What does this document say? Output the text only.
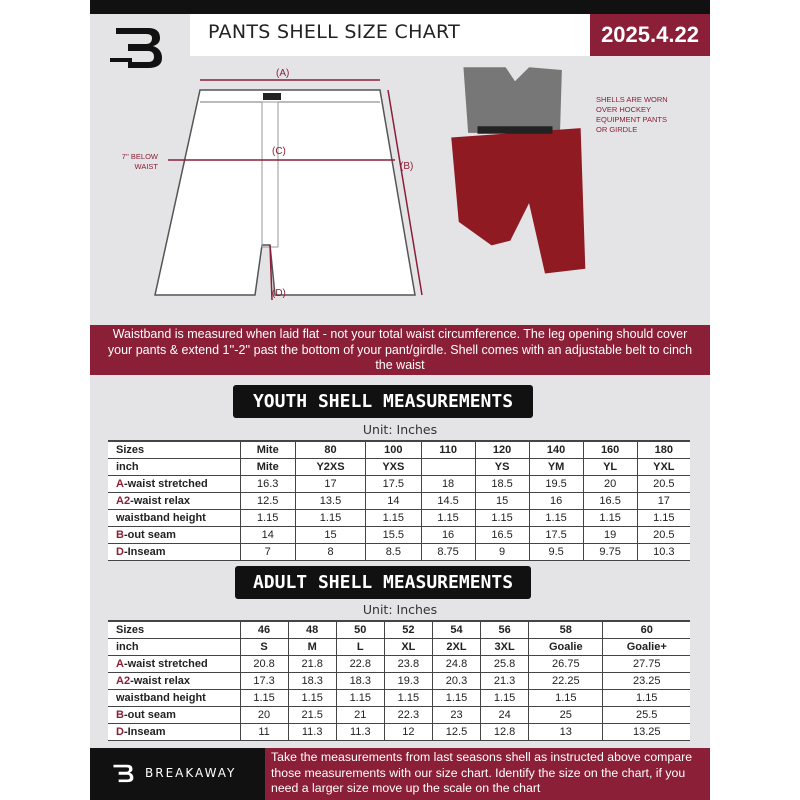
PANTS SHELL SIZE CHART	2025.4.22
(A)
(C)
(B)
(D)
7'' BELOW
WAIST
SHELLS ARE WORN
OVER HOCKEY
EQUIPMENT PANTS
OR GIRDLE
Waistband is measured when laid flat - not your total waist circumference. The leg opening should cover your pants & extend 1''-2'' past the bottom of your pant/girdle. Shell comes with an adjustable belt to cinch the waist
YOUTH SHELL MEASUREMENTS
Unit: Inches
Sizes	Mite	80	100	110	120	140	160	180
inch	Mite	Y2XS	YXS		YS	YM	YL	YXL
A-waist stretched	16.3	17	17.5	18	18.5	19.5	20	20.5
A2-waist relax	12.5	13.5	14	14.5	15	16	16.5	17
waistband height	1.15	1.15	1.15	1.15	1.15	1.15	1.15	1.15
B-out seam	14	15	15.5	16	16.5	17.5	19	20.5
D-Inseam	7	8	8.5	8.75	9	9.5	9.75	10.3
ADULT SHELL MEASUREMENTS
Unit: Inches
Sizes	46	48	50	52	54	56	58	60
inch	S	M	L	XL	2XL	3XL	Goalie	Goalie+
A-waist stretched	20.8	21.8	22.8	23.8	24.8	25.8	26.75	27.75
A2-waist relax	17.3	18.3	18.3	19.3	20.3	21.3	22.25	23.25
waistband height	1.15	1.15	1.15	1.15	1.15	1.15	1.15	1.15
B-out seam	20	21.5	21	22.3	23	24	25	25.5
D-Inseam	11	11.3	11.3	12	12.5	12.8	13	13.25
BREAKAWAY
Take the measurements from last seasons shell as instructed above compare those measurements with our size chart. Identify the size on the chart, if you need a larger size move up the scale on the chart
